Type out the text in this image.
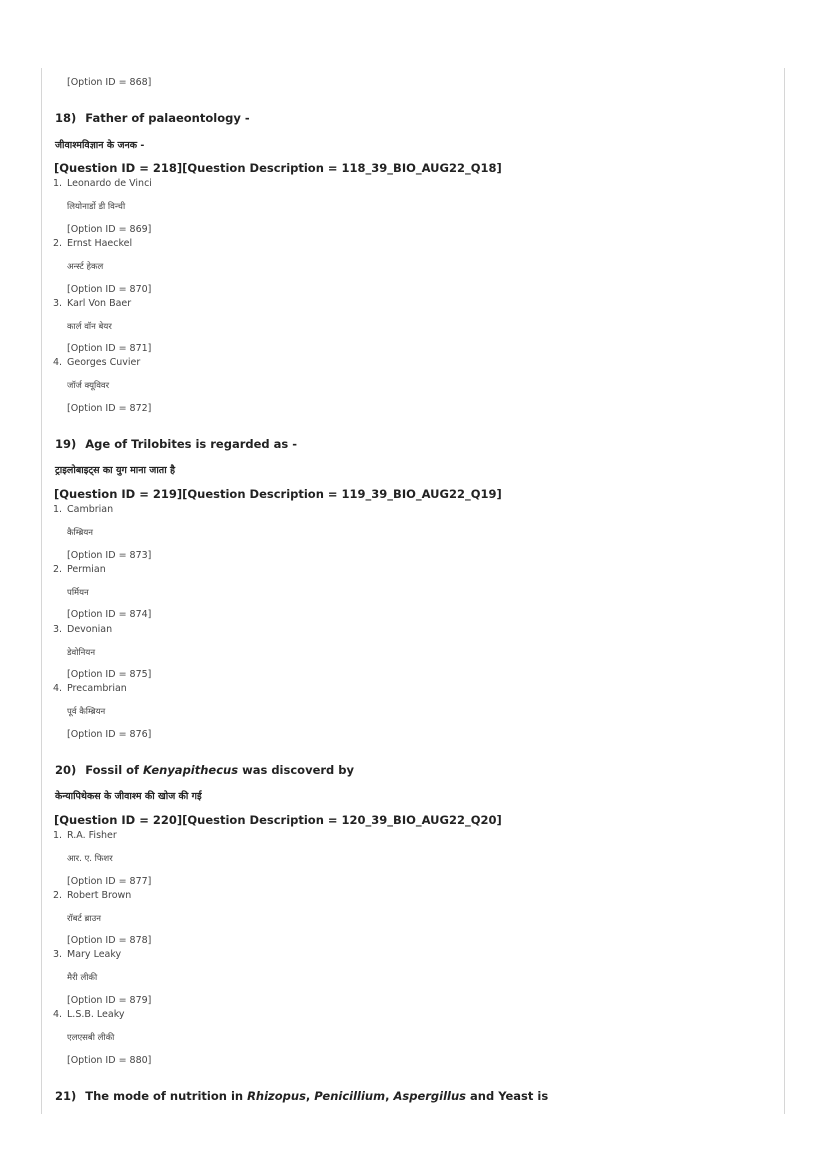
[Option ID = 868]
18) Father of palaeontology -
जीवाश्मविज्ञान के जनक -
[Question ID = 218][Question Description = 118_39_BIO_AUG22_Q18]
1. Leonardo de Vinci
लियोनार्डो डी विन्ची
[Option ID = 869]
2. Ernst Haeckel
अर्न्स्ट हेकल
[Option ID = 870]
3. Karl Von Baer
कार्ल वॉन बेयर
[Option ID = 871]
4. Georges Cuvier
जॉर्ज क्यूविवर
[Option ID = 872]
19) Age of Trilobites is regarded as -
ट्राइलोबाइट्स का युग माना जाता है
[Question ID = 219][Question Description = 119_39_BIO_AUG22_Q19]
1. Cambrian
कैम्ब्रियन
[Option ID = 873]
2. Permian
पर्मियन
[Option ID = 874]
3. Devonian
डेवोनियन
[Option ID = 875]
4. Precambrian
पूर्व कैम्ब्रियन
[Option ID = 876]
20) Fossil of Kenyapithecus was discoverd by
केन्यापिथेकस के जीवाश्म की खोज की गई
[Question ID = 220][Question Description = 120_39_BIO_AUG22_Q20]
1. R.A. Fisher
आर. ए. फिशर
[Option ID = 877]
2. Robert Brown
रॉबर्ट ब्राउन
[Option ID = 878]
3. Mary Leaky
मैरी लीकी
[Option ID = 879]
4. L.S.B. Leaky
एलएसबी लीकी
[Option ID = 880]
21) The mode of nutrition in Rhizopus, Penicillium, Aspergillus and Yeast is
